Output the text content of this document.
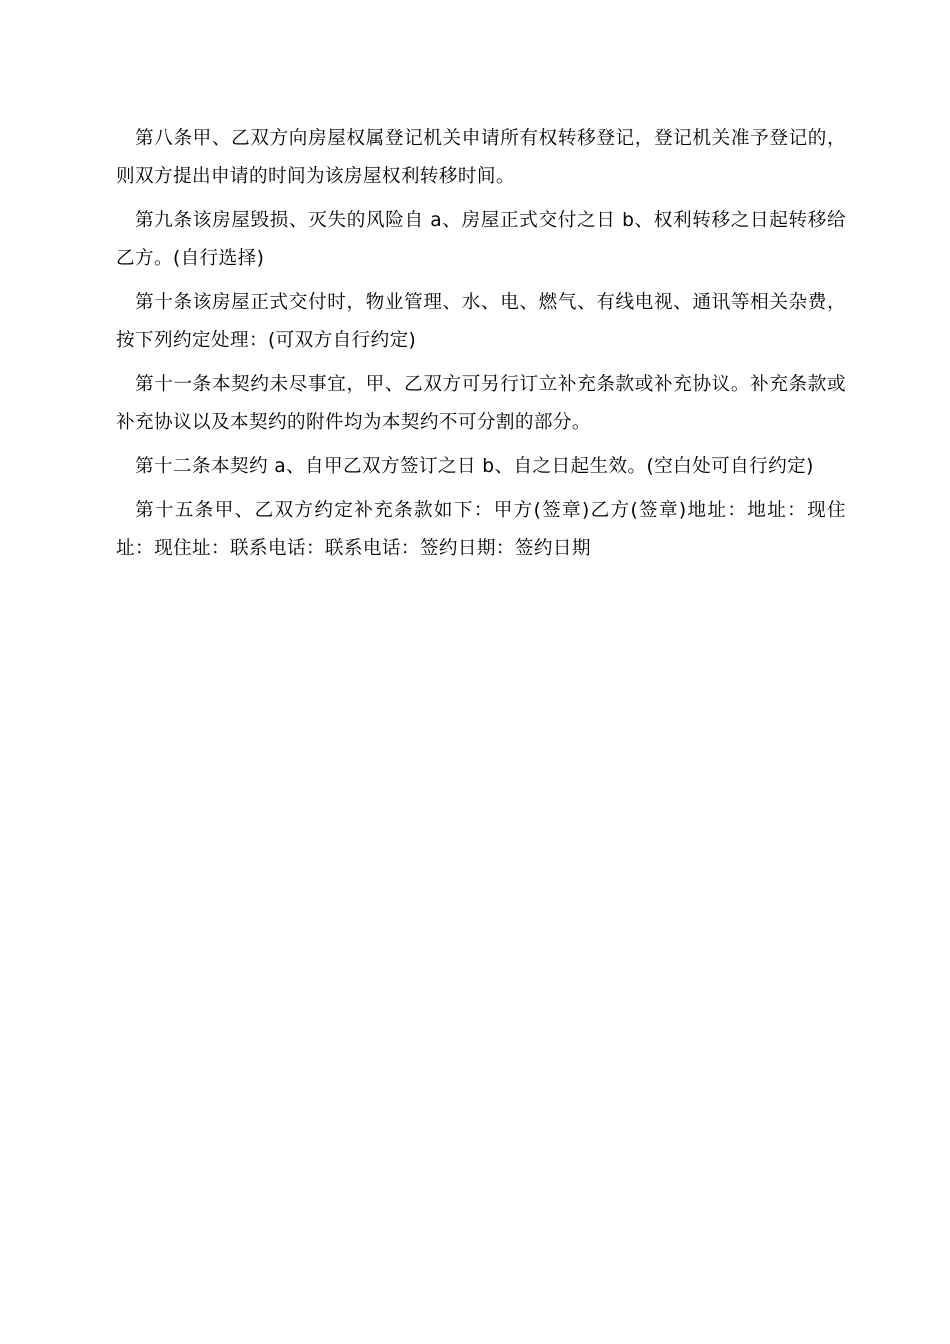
第八条甲、乙双方向房屋权属登记机关申请所有权转移登记，登记机关准予登记的，则双方提出申请的时间为该房屋权利转移时间。

第九条该房屋毁损、灭失的风险自 a、房屋正式交付之日 b、权利转移之日起转移给乙方。(自行选择)

第十条该房屋正式交付时，物业管理、水、电、燃气、有线电视、通讯等相关杂费，按下列约定处理：(可双方自行约定)

第十一条本契约未尽事宜，甲、乙双方可另行订立补充条款或补充协议。补充条款或补充协议以及本契约的附件均为本契约不可分割的部分。

第十二条本契约 a、自甲乙双方签订之日 b、自之日起生效。(空白处可自行约定)

第十五条甲、乙双方约定补充条款如下：甲方(签章)乙方(签章)地址：地址：现住址：现住址：联系电话：联系电话：签约日期：签约日期
